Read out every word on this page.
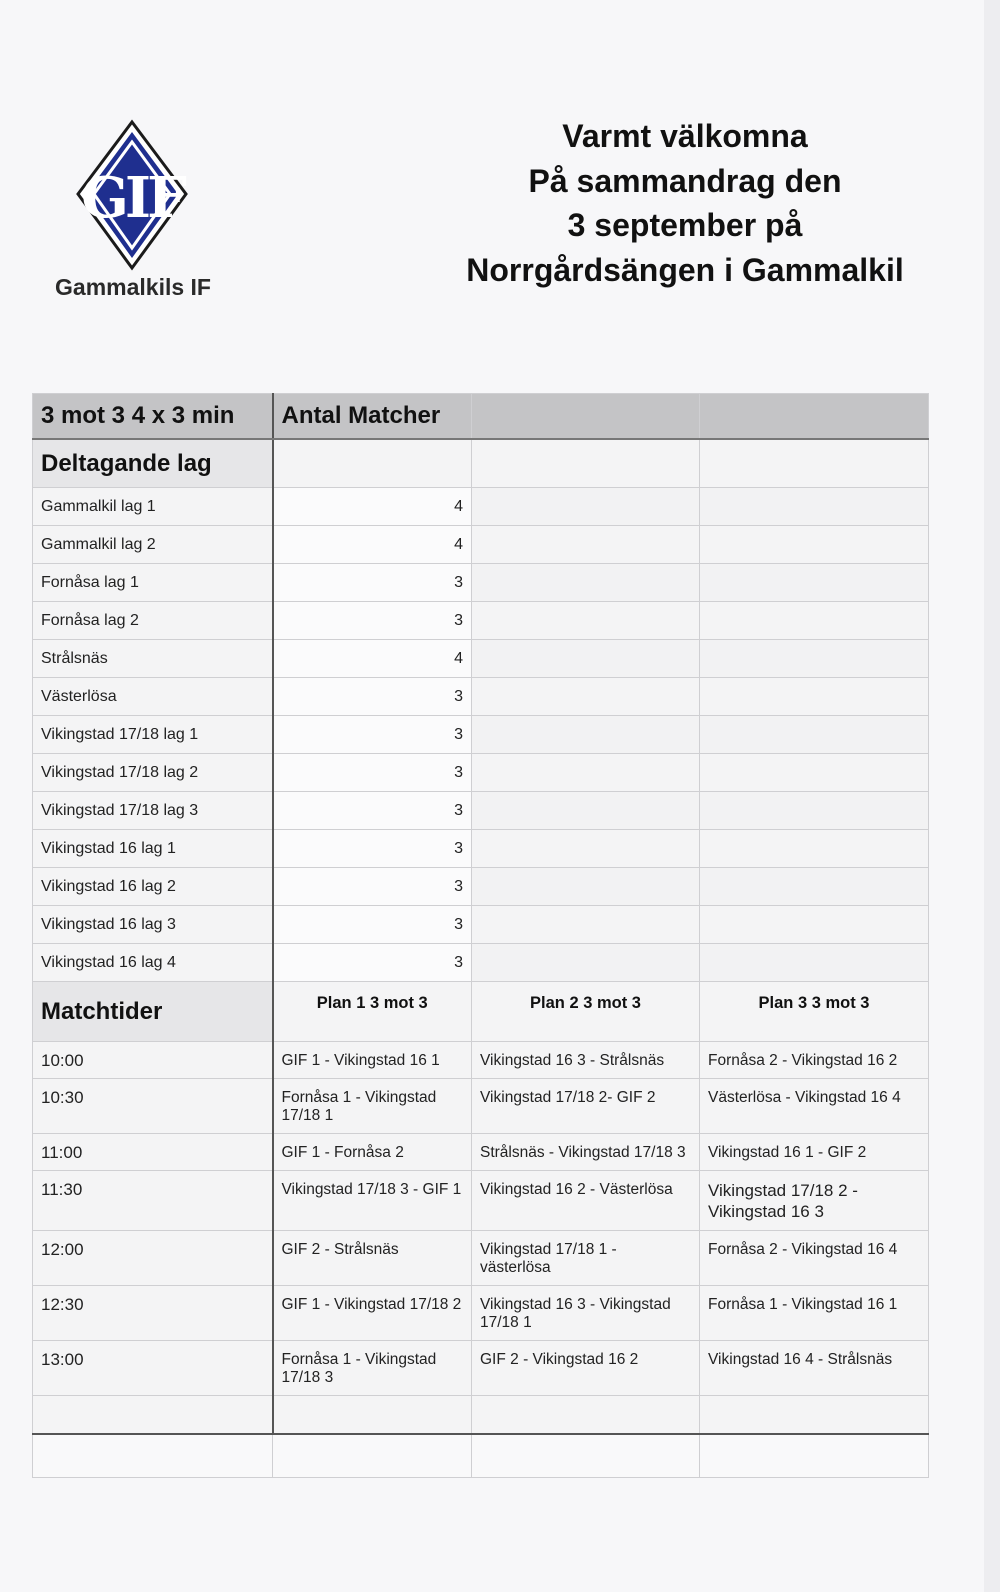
GIF
Gammalkils IF
Varmt välkomna
På sammandrag den
3 september på
Norrgårdsängen i Gammalkil
3 mot 3 4 x 3 min	Antal Matcher		
Deltagande lag			
Gammalkil lag 1	4		
Gammalkil lag 2	4		
Fornåsa lag 1	3		
Fornåsa lag 2	3		
Strålsnäs	4		
Västerlösa	3		
Vikingstad 17/18 lag 1	3		
Vikingstad 17/18 lag 2	3		
Vikingstad 17/18 lag 3	3		
Vikingstad 16 lag 1	3		
Vikingstad 16 lag 2	3		
Vikingstad 16 lag 3	3		
Vikingstad 16 lag 4	3		
Matchtider	Plan 1 3 mot 3	Plan 2 3 mot 3	Plan 3 3 mot 3
10:00	GIF 1 - Vikingstad 16 1	Vikingstad 16 3 - Strålsnäs	Fornåsa 2 - Vikingstad 16 2
10:30	Fornåsa 1 - Vikingstad 17/18 1	Vikingstad 17/18 2- GIF 2	Västerlösa - Vikingstad 16 4
11:00	GIF 1 - Fornåsa 2	Strålsnäs - Vikingstad 17/18 3	Vikingstad 16 1 - GIF 2
11:30	Vikingstad 17/18 3 - GIF 1	Vikingstad 16 2 - Västerlösa	Vikingstad 17/18 2 - Vikingstad 16 3
12:00	GIF 2 - Strålsnäs	Vikingstad 17/18 1 - västerlösa	Fornåsa 2 - Vikingstad 16 4
12:30	GIF 1 - Vikingstad 17/18 2	Vikingstad 16 3 - Vikingstad 17/18 1	Fornåsa 1 - Vikingstad 16 1
13:00	Fornåsa 1 - Vikingstad 17/18 3	GIF 2 - Vikingstad 16 2	Vikingstad 16 4 - Strålsnäs
